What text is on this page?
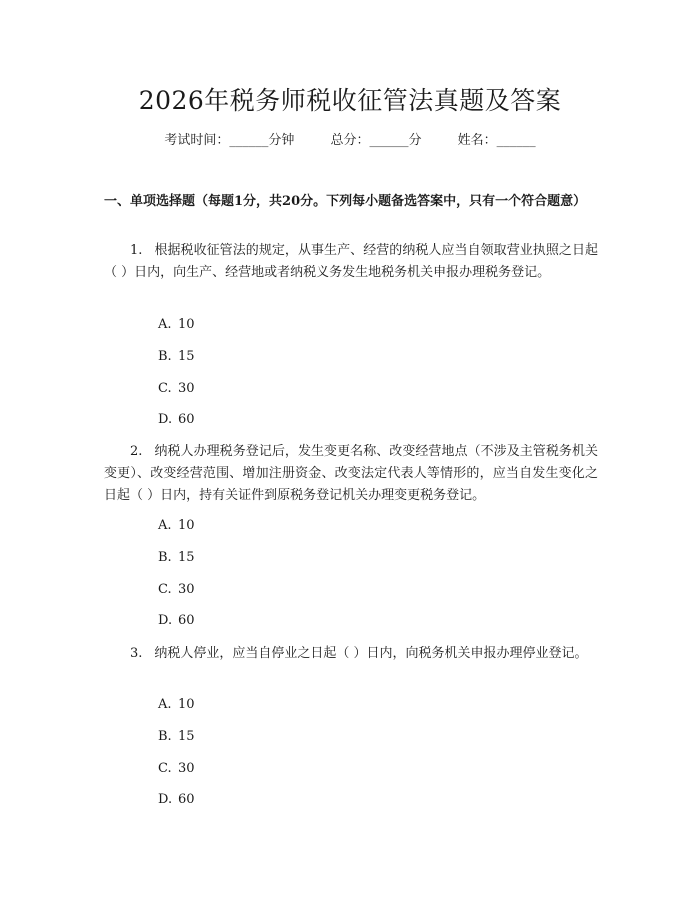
2026年税务师税收征管法真题及答案
考试时间：______分钟	总分：______分	姓名：______
一、单项选择题（每题1分，共20分。下列每小题备选答案中，只有一个符合题意）
1. 根据税收征管法的规定，从事生产、经营的纳税人应当自领取营业执照之日起（ ）日内，向生产、经营地或者纳税义务发生地税务机关申报办理税务登记。
A. 10
B. 15
C. 30
D. 60
2. 纳税人办理税务登记后，发生变更名称、改变经营地点（不涉及主管税务机关变更）、改变经营范围、增加注册资金、改变法定代表人等情形的，应当自发生变化之日起（ ）日内，持有关证件到原税务登记机关办理变更税务登记。
A. 10
B. 15
C. 30
D. 60
3. 纳税人停业，应当自停业之日起（ ）日内，向税务机关申报办理停业登记。
A. 10
B. 15
C. 30
D. 60
